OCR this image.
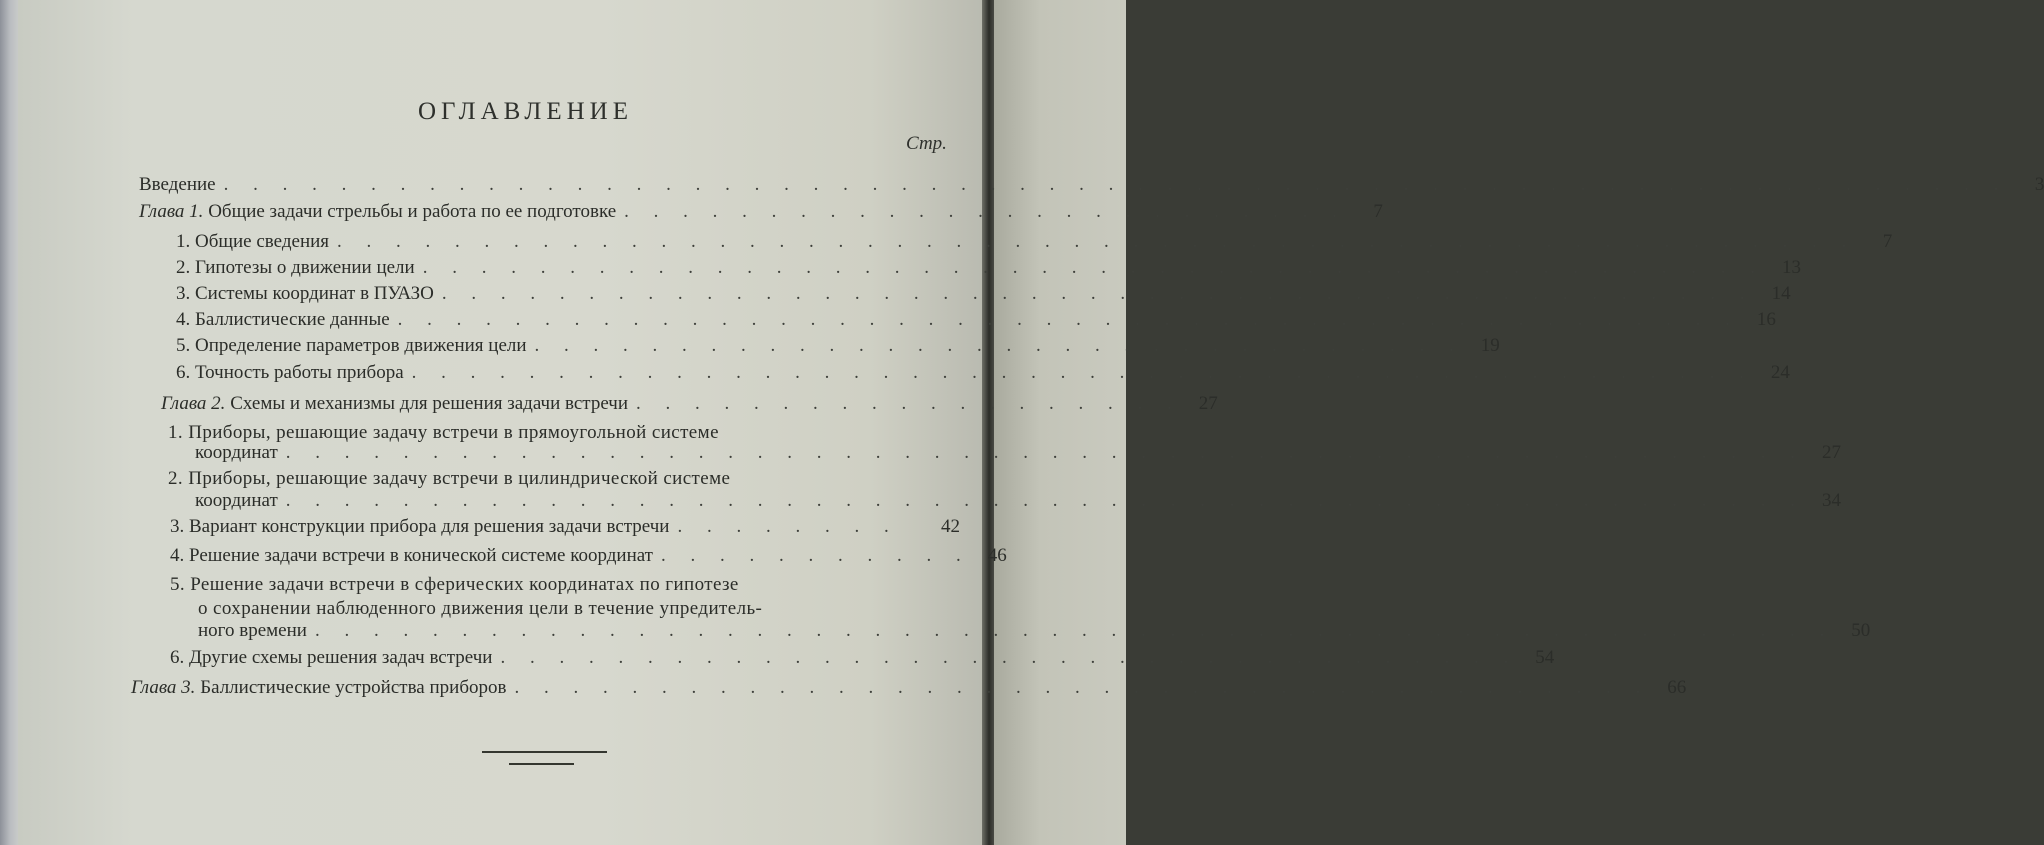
ОГЛАВЛЕНИЕ
Стр.
Введение . . . . . . . . . . . . . . . . . . . . . . . . . . . . . . . . . . . . . . . . . . . . . . . . . . . . . . . . . . . . .	3
Глава 1. Общие задачи стрельбы и работа по ее подготовке . . . . . . . . . . . . . . . . . . . . . . . . .	7
1. Общие сведения . . . . . . . . . . . . . . . . . . . . . . . . . . . . . . . . . . . . . . . . . . . . . . . . . . . .	7
2. Гипотезы о движении цели . . . . . . . . . . . . . . . . . . . . . . . . . . . . . . . . . . . . . . . . . . . . . . 13
3. Системы координат в ПУАЗО . . . . . . . . . . . . . . . . . . . . . . . . . . . . . . . . . . . . . . . . . . . . . 14
4. Баллистические данные . . . . . . . . . . . . . . . . . . . . . . . . . . . . . . . . . . . . . . . . . . . . . . 16
5. Определение параметров движения цели . . . . . . . . . . . . . . . . . . . . . . . . . . . . . . . . 19
6. Точность работы прибора . . . . . . . . . . . . . . . . . . . . . . . . . . . . . . . . . . . . . . . . . . . . . . 24
Глава 2. Схемы и механизмы для решения задачи встречи . . . . . . . . . . . . . . . . . . . 27
1. Приборы, решающие задачу встречи в прямоугольной системе
координат . . . . . . . . . . . . . . . . . . . . . . . . . . . . . . . . . . . . . . . . . . . . . . . . . . . . 27
2. Приборы, решающие задачу встречи в цилиндрической системе
координат . . . . . . . . . . . . . . . . . . . . . . . . . . . . . . . . . . . . . . . . . . . . . . . . . . . . 34
3. Вариант конструкции прибора для решения задачи встречи . . . . . . . .	42
4. Решение задачи встречи в конической системе координат . . . . . . . . . . . 46
5. Решение задачи встречи в сферических координатах по гипотезе
о сохранении наблюденного движения цели в течение упредитель-
ного времени . . . . . . . . . . . . . . . . . . . . . . . . . . . . . . . . . . . . . . . . . . . . . . . . . . . . 50
6. Другие схемы решения задач встречи . . . . . . . . . . . . . . . . . . . . . . . . . . . . . . . . . . . 54
Глава 3. Баллистические устройства приборов . . . . . . . . . . . . . . . . . . . . . . . . . . . . . . . . . . . . . . . 66
